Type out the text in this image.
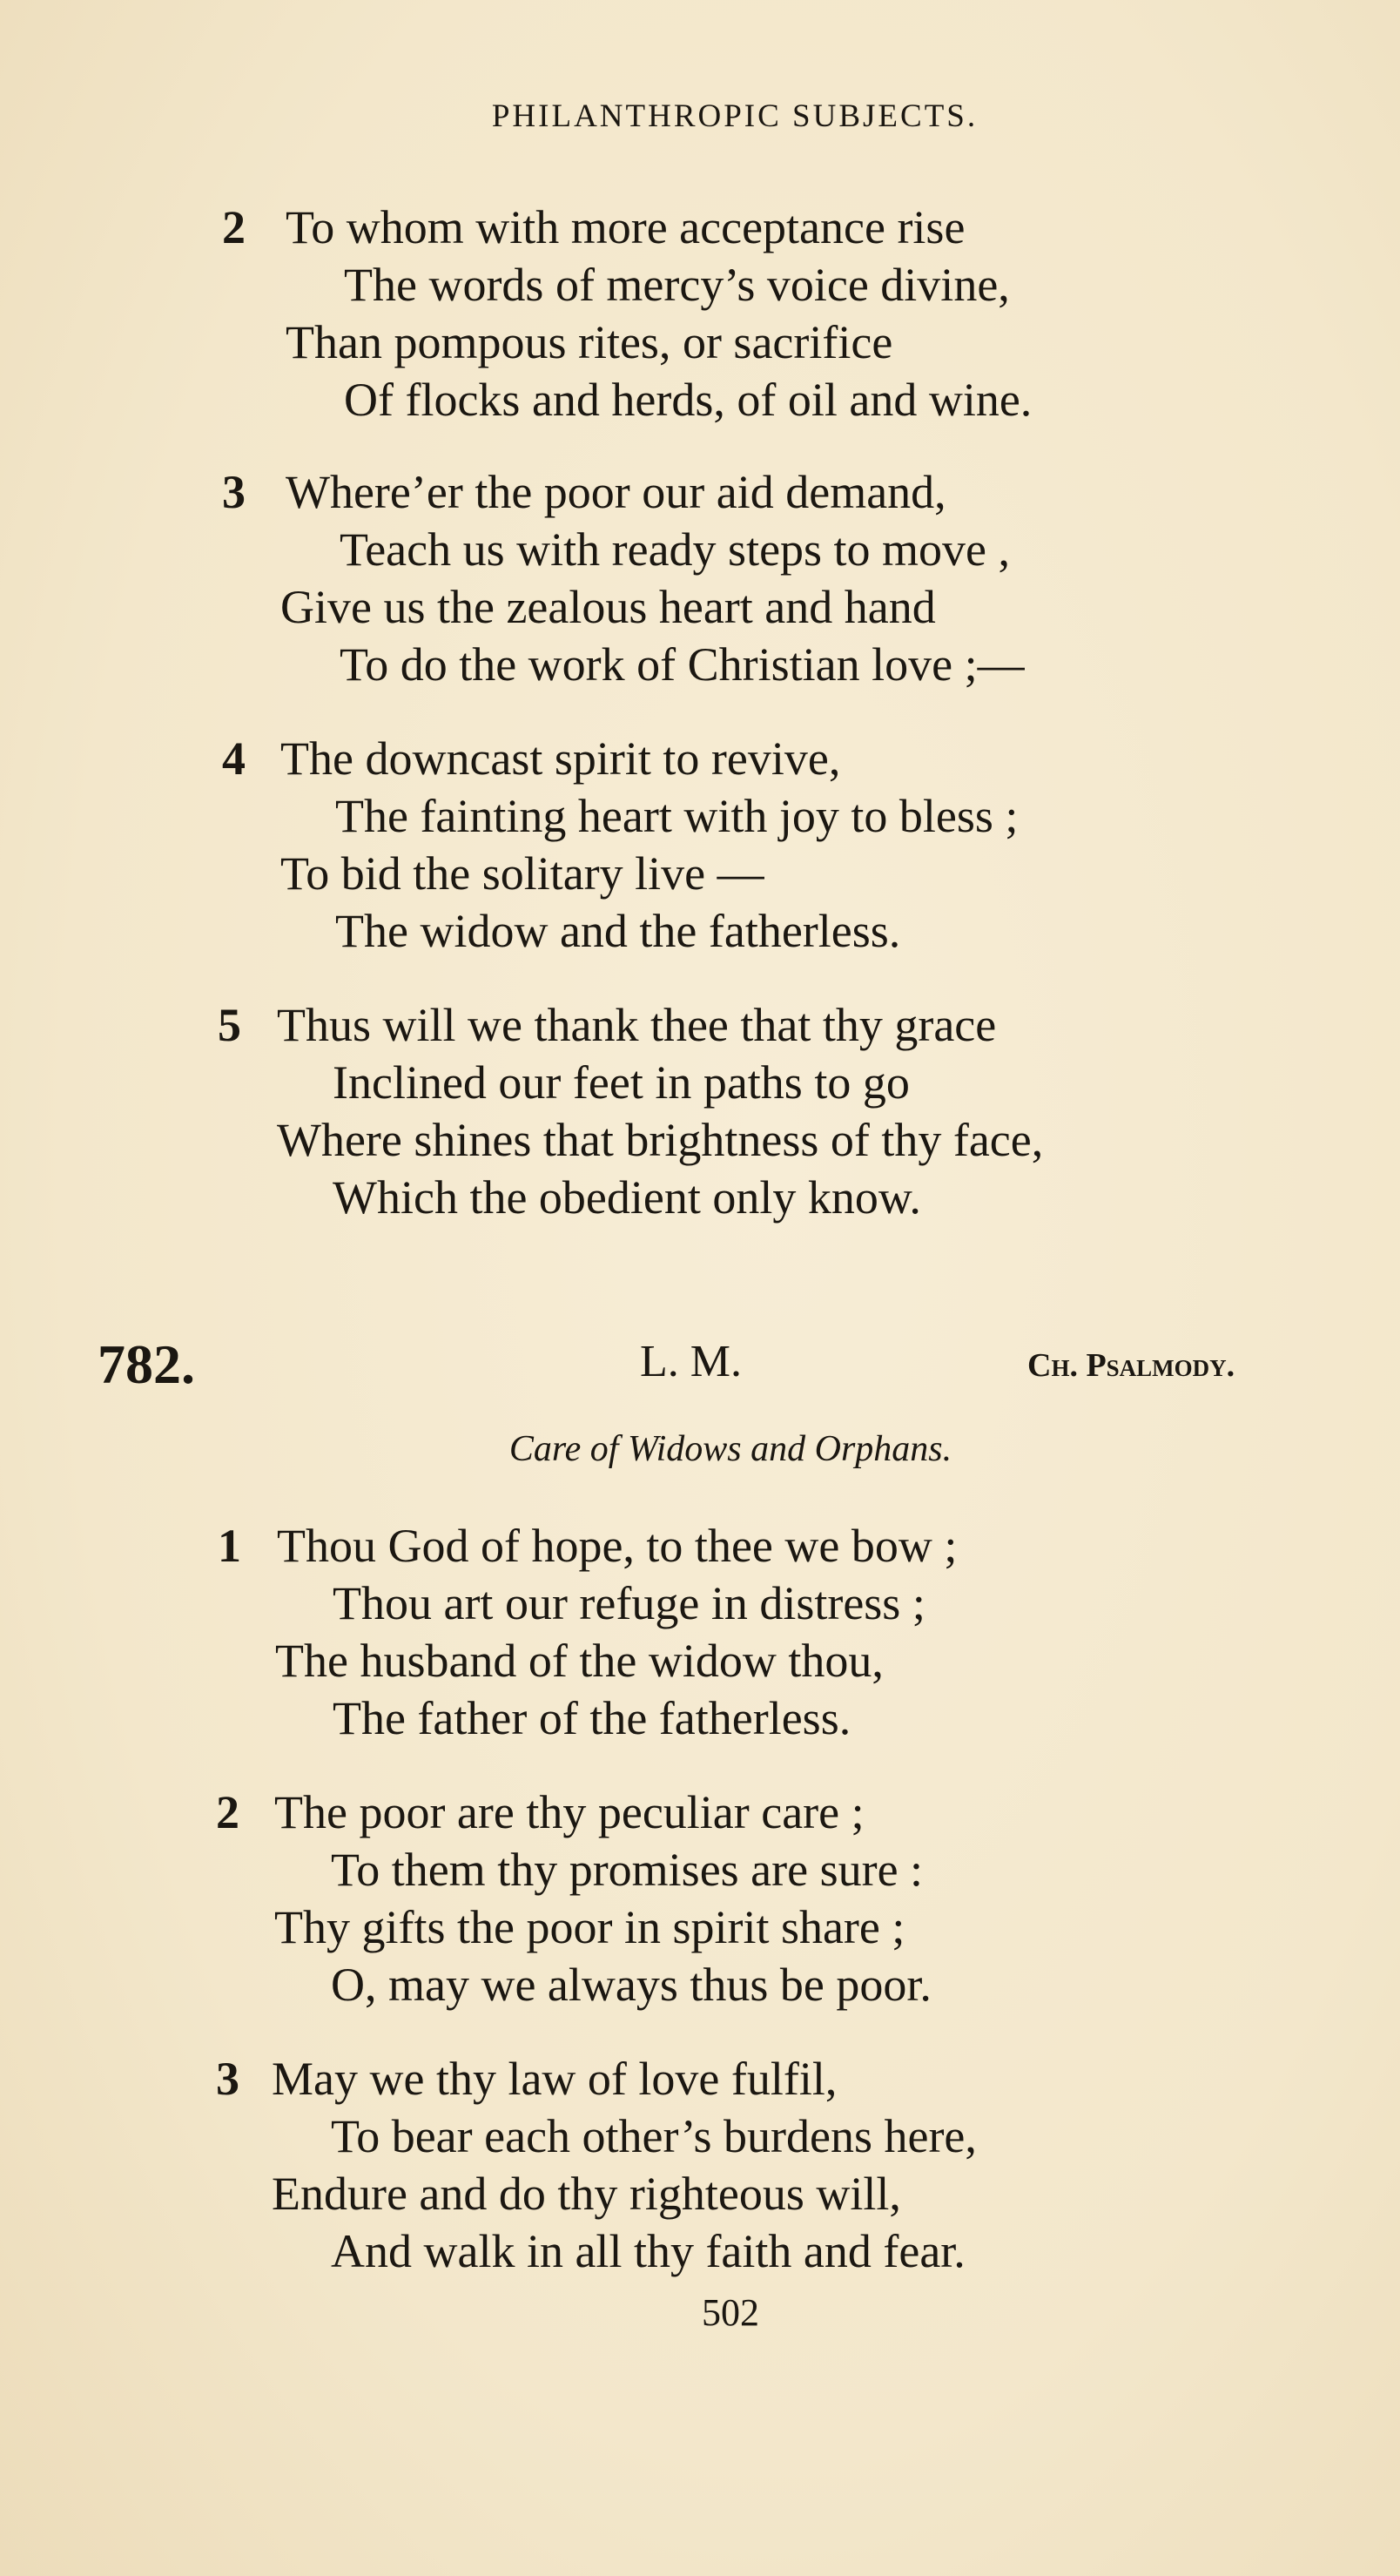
PHILANTHROPIC SUBJECTS.
2 To whom with more acceptance rise
The words of mercy’s voice divine,
Than pompous rites, or sacrifice
Of flocks and herds, of oil and wine.
3 Where’er the poor our aid demand,
Teach us with ready steps to move ,
Give us the zealous heart and hand
To do the work of Christian love ;—
4 The downcast spirit to revive,
The fainting heart with joy to bless ;
To bid the solitary live —
The widow and the fatherless.
5 Thus will we thank thee that thy grace
Inclined our feet in paths to go
Where shines that brightness of thy face,
Which the obedient only know.
782.	L. M.	Ch. Psalmody.
Care of Widows and Orphans.
1 Thou God of hope, to thee we bow ;
Thou art our refuge in distress ;
The husband of the widow thou,
The father of the fatherless.
2 The poor are thy peculiar care ;
To them thy promises are sure :
Thy gifts the poor in spirit share ;
O, may we always thus be poor.
3 May we thy law of love fulfil,
To bear each other’s burdens here,
Endure and do thy righteous will,
And walk in all thy faith and fear.
502
